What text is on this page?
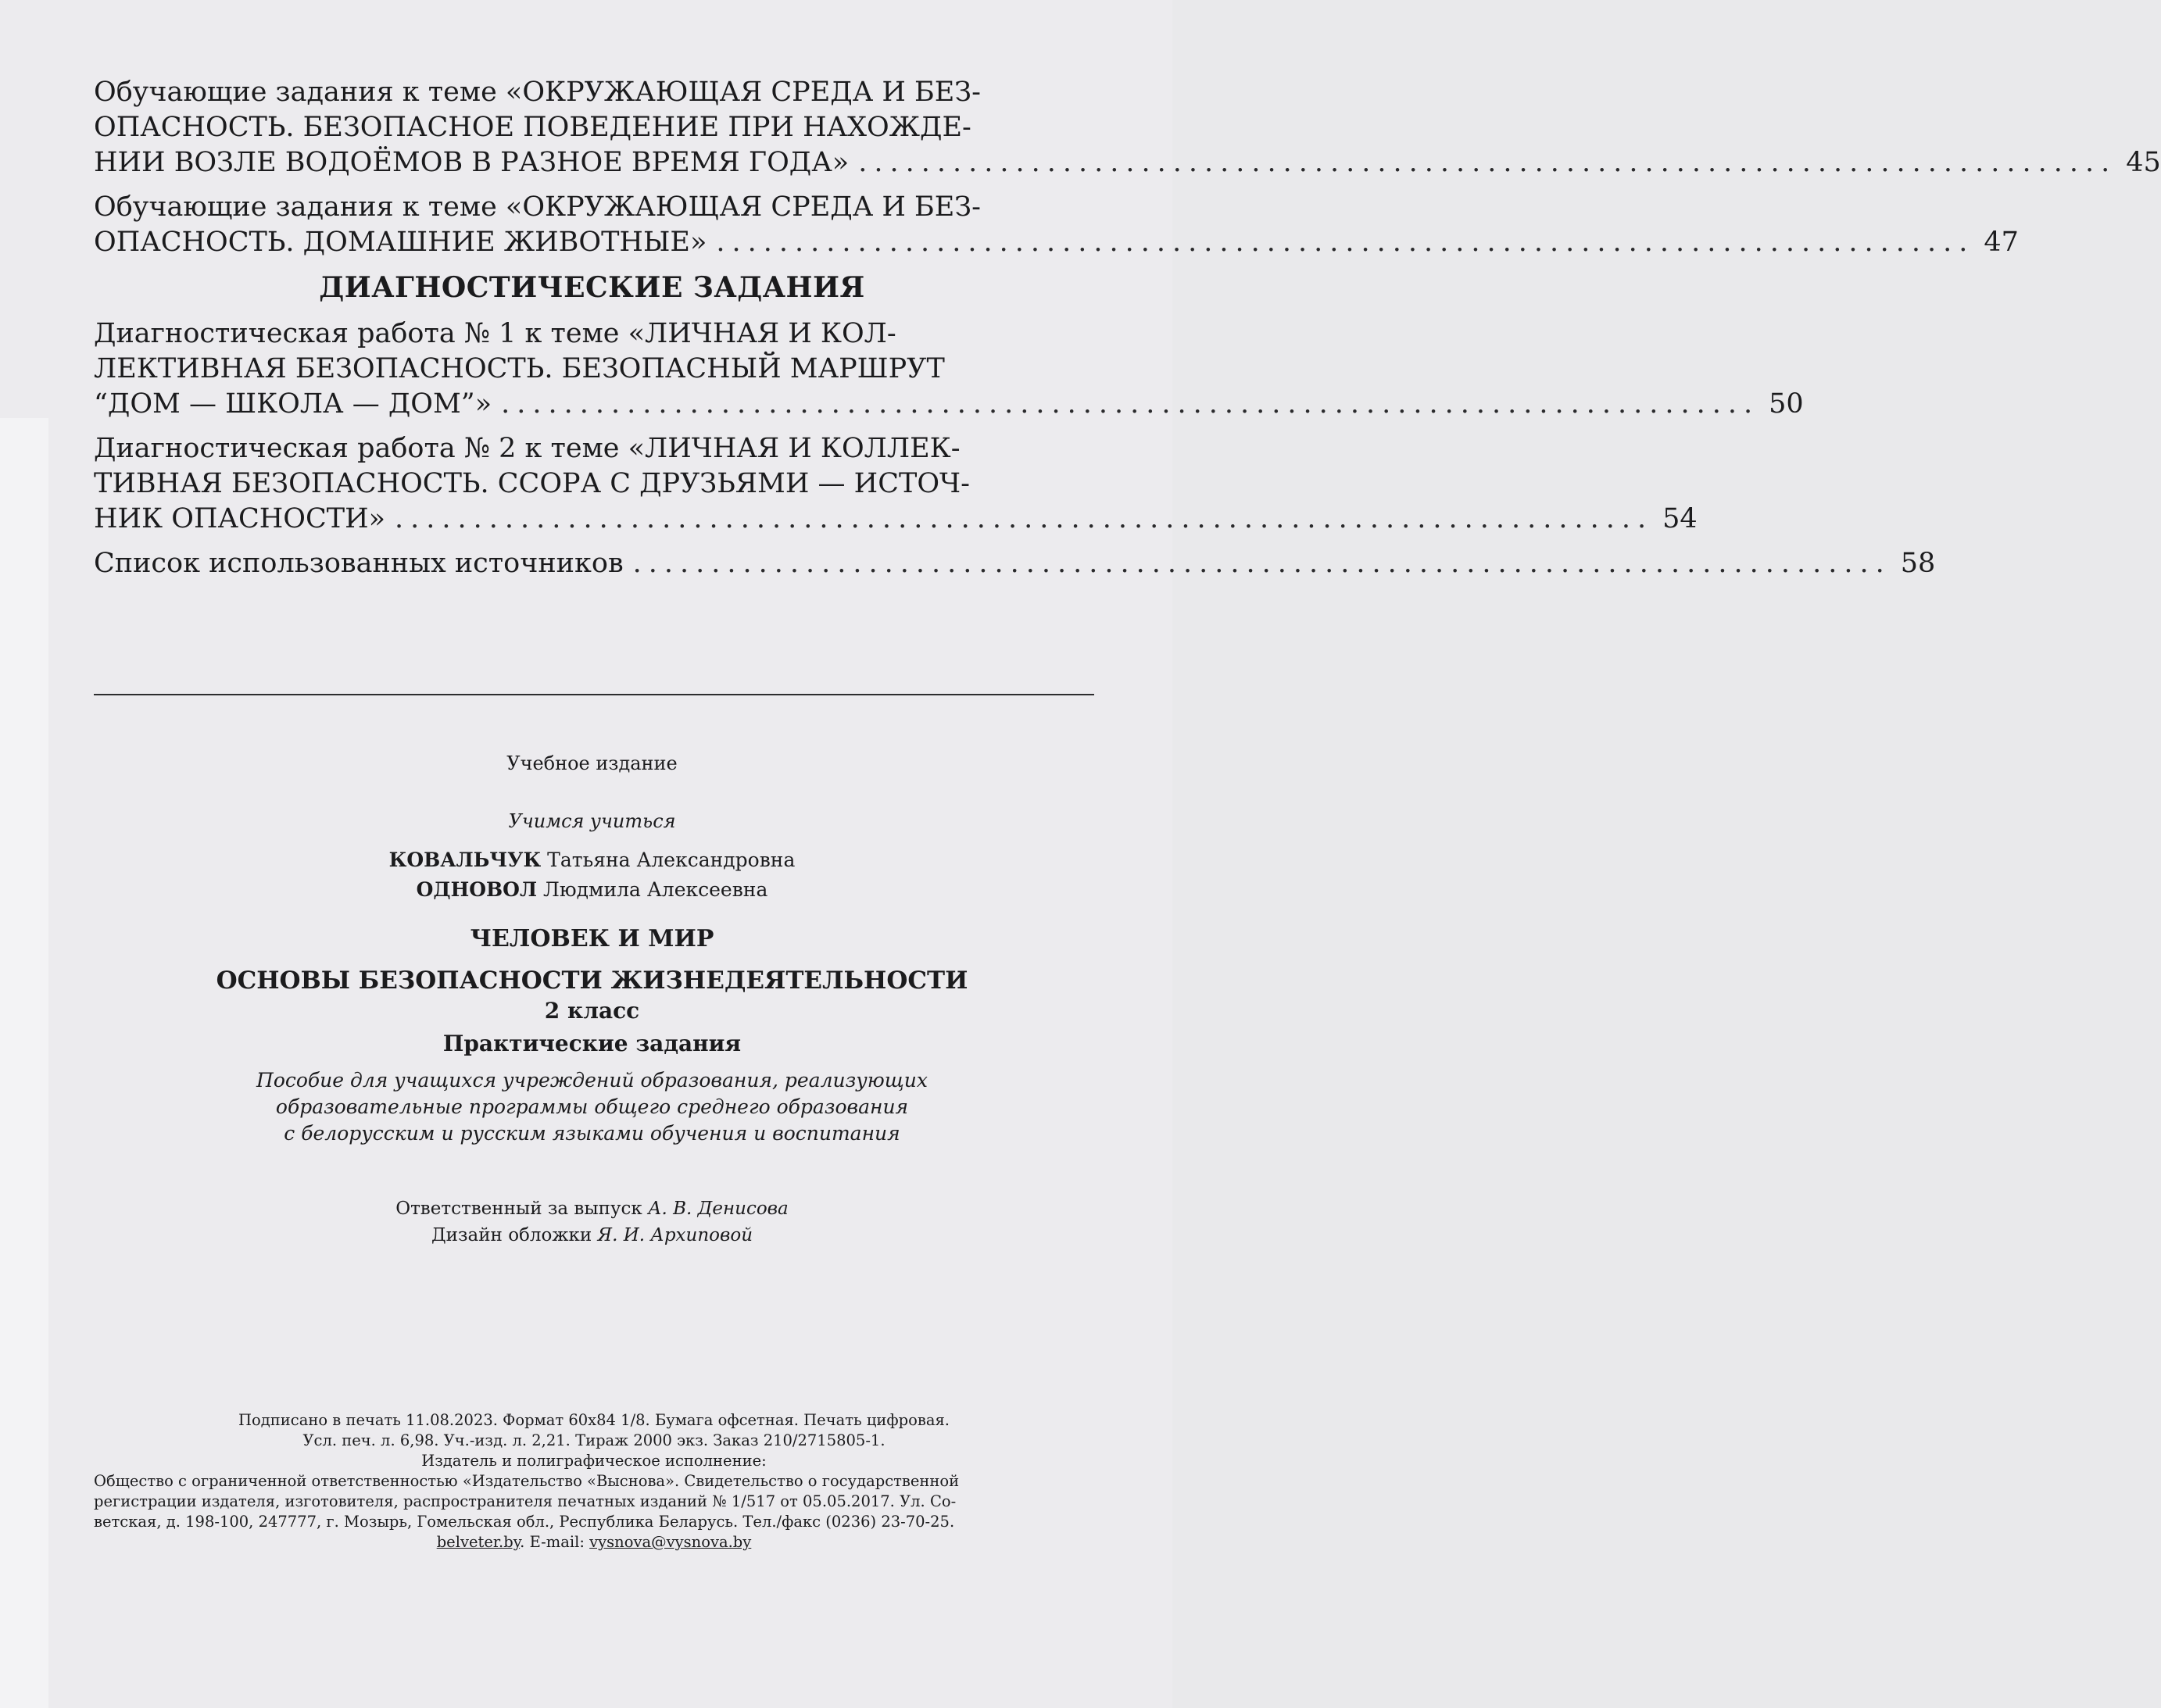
Обучающие задания к теме «ОКРУЖАЮЩАЯ СРЕДА И БЕЗ-
ОПАСНОСТЬ. БЕЗОПАСНОЕ ПОВЕДЕНИЕ ПРИ НАХОЖДЕ-
НИИ ВОЗЛЕ ВОДОЁМОВ В РАЗНОЕ ВРЕМЯ ГОДА» ................................................................................ 45
Обучающие задания к теме «ОКРУЖАЮЩАЯ СРЕДА И БЕЗ-
ОПАСНОСТЬ. ДОМАШНИЕ ЖИВОТНЫЕ» ................................................................................ 47
ДИАГНОСТИЧЕСКИЕ ЗАДАНИЯ
Диагностическая работа № 1 к теме «ЛИЧНАЯ И КОЛ-
ЛЕКТИВНАЯ БЕЗОПАСНОСТЬ. БЕЗОПАСНЫЙ МАРШРУТ
“ДОМ — ШКОЛА — ДОМ”» ................................................................................ 50
Диагностическая работа № 2 к теме «ЛИЧНАЯ И КОЛЛЕК-
ТИВНАЯ БЕЗОПАСНОСТЬ. ССОРА С ДРУЗЬЯМИ — ИСТОЧ-
НИК ОПАСНОСТИ» ................................................................................ 54
Список использованных источников ................................................................................ 58
Учебное издание
Учимся учиться
КОВАЛЬЧУК Татьяна Александровна
ОДНОВОЛ Людмила Алексеевна
ЧЕЛОВЕК И МИР
ОСНОВЫ БЕЗОПАСНОСТИ ЖИЗНЕДЕЯТЕЛЬНОСТИ
2 класс
Практические задания
Пособие для учащихся учреждений образования, реализующих
образовательные программы общего среднего образования
с белорусским и русским языками обучения и воспитания
Ответственный за выпуск А. В. Денисова
Дизайн обложки Я. И. Архиповой
Подписано в печать 11.08.2023. Формат 60x84 1/8. Бумага офсетная. Печать цифровая.
Усл. печ. л. 6,98. Уч.-изд. л. 2,21. Тираж 2000 экз. Заказ 210/2715805-1.
Издатель и полиграфическое исполнение:
Общество с ограниченной ответственностью «Издательство «Выснова». Свидетельство о государственной
регистрации издателя, изготовителя, распространителя печатных изданий № 1/517 от 05.05.2017. Ул. Со-
ветская, д. 198-100, 247777, г. Мозырь, Гомельская обл., Республика Беларусь. Тел./факс (0236) 23-70-25.
belveter.by. E-mail: vysnova@vysnova.by
